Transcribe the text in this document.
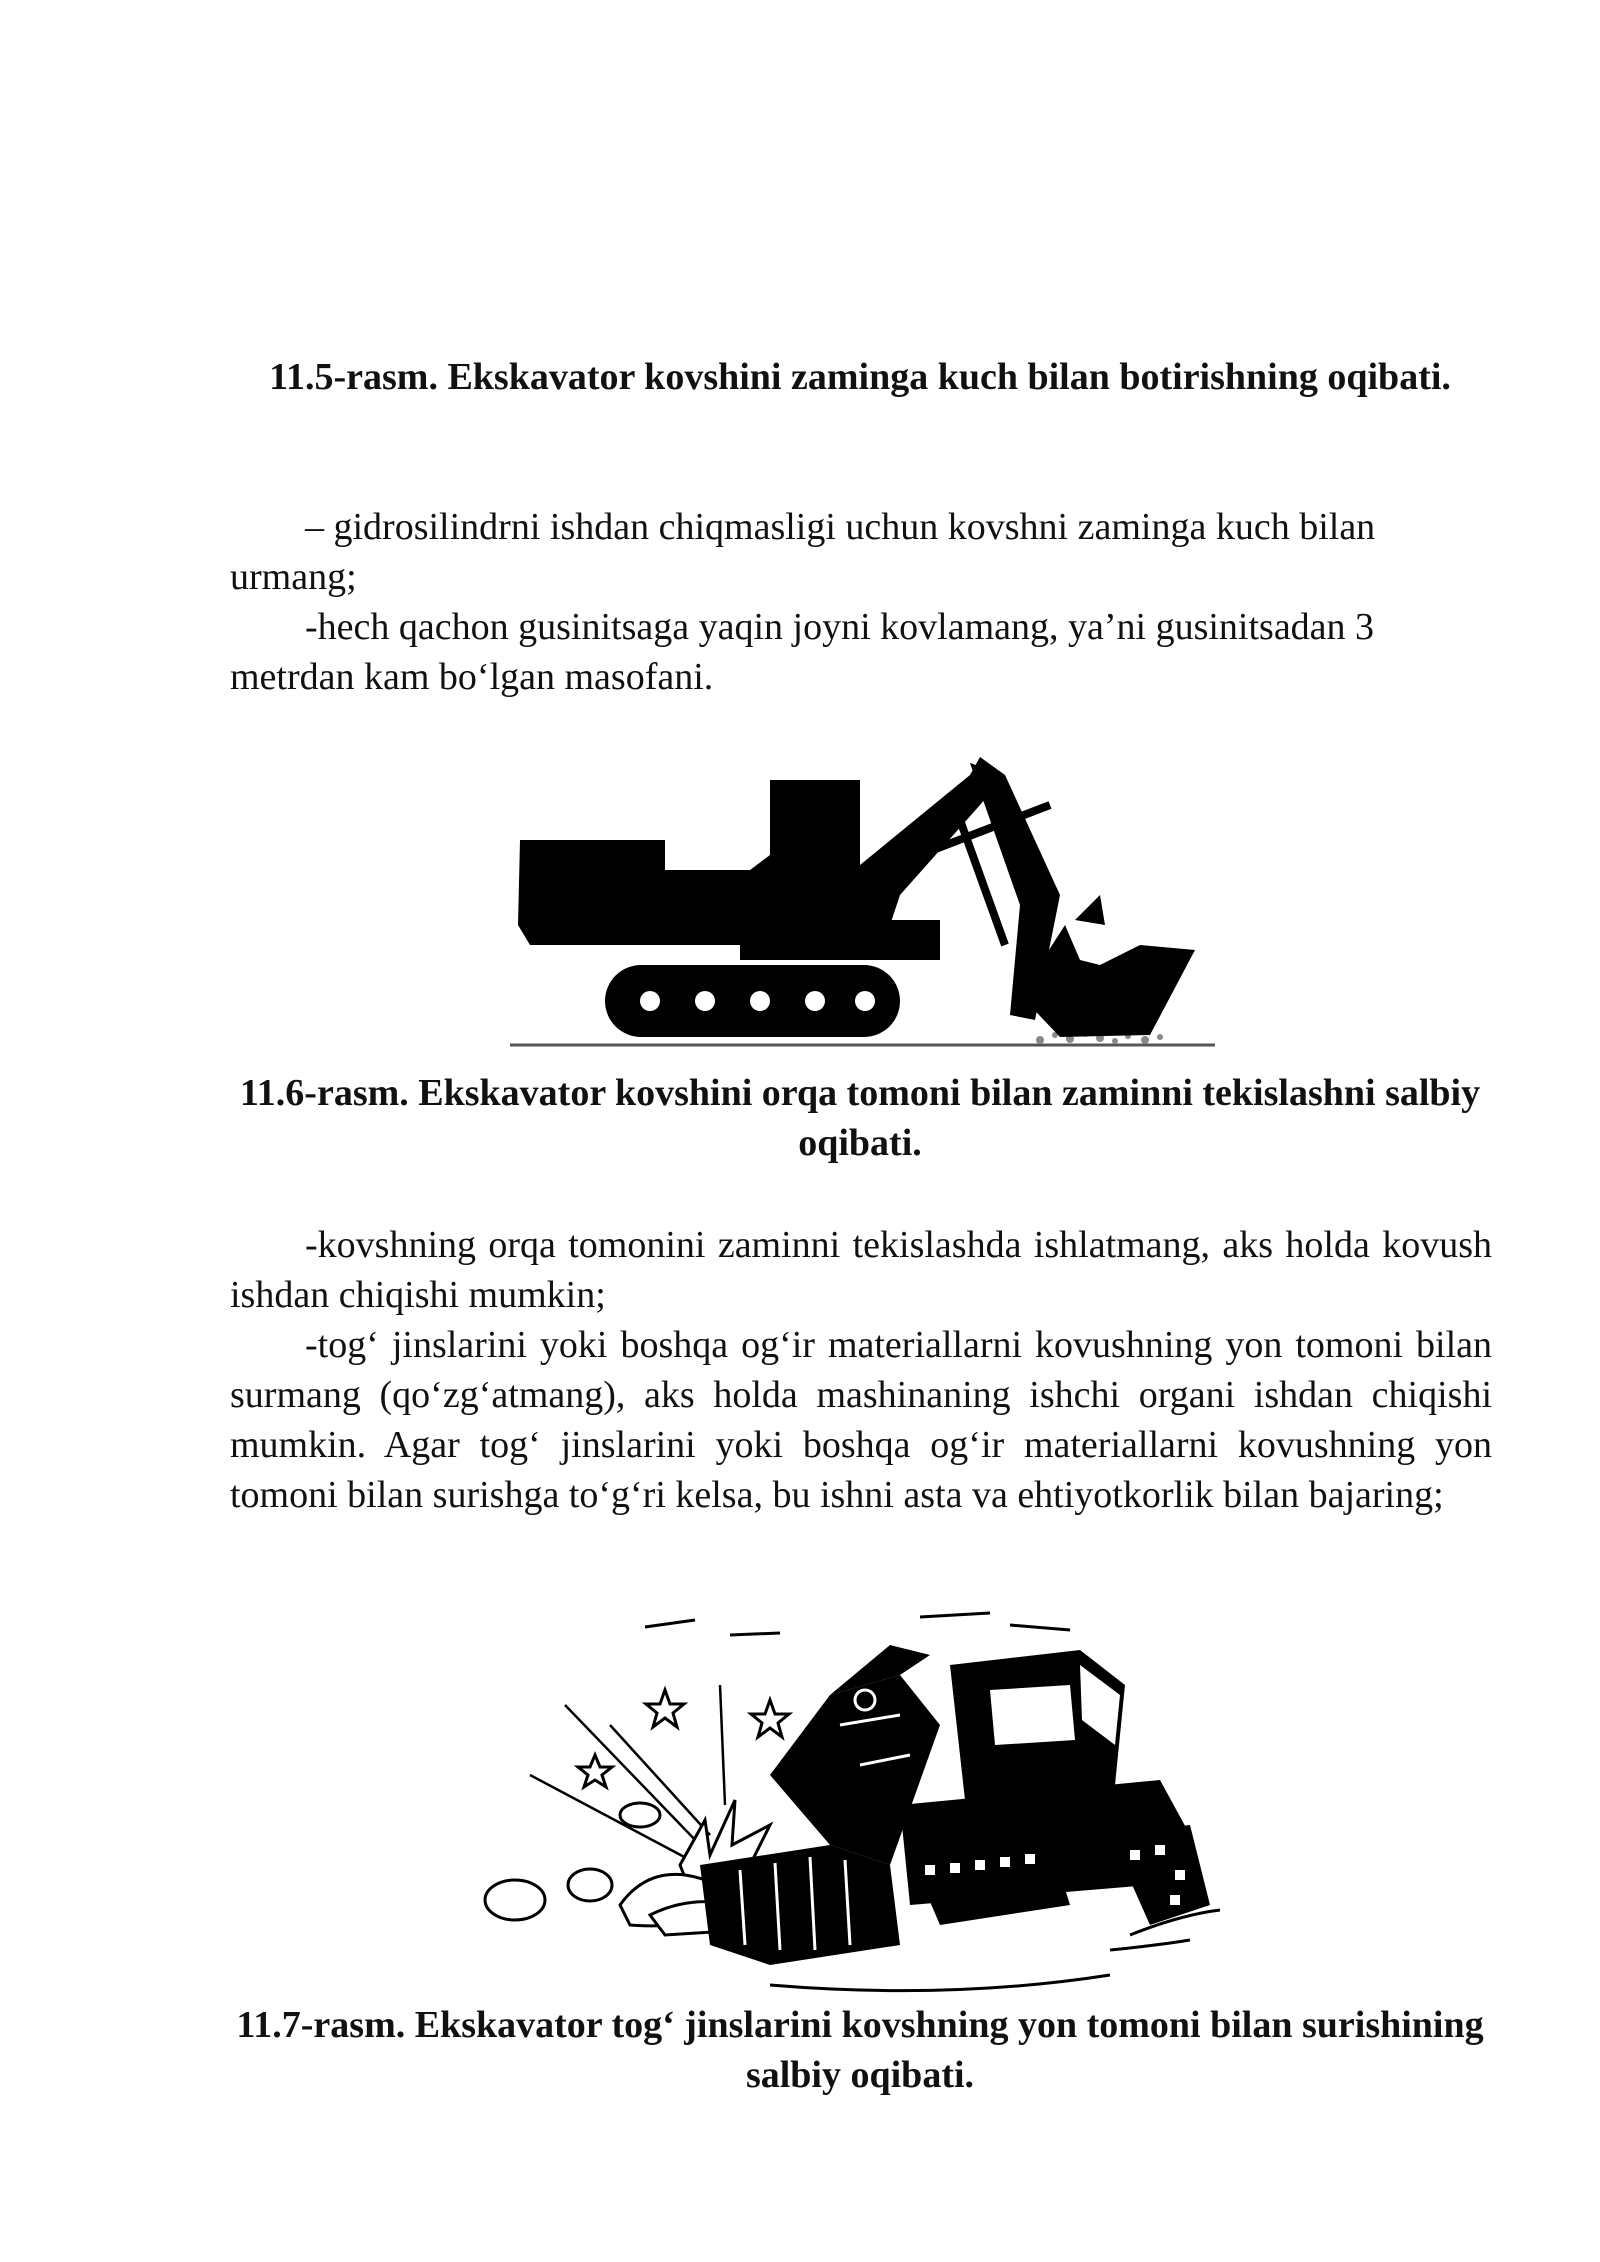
11.5-rasm. Ekskavator kovshini zaminga kuch bilan botirishning oqibati.

– gidrosilindrni ishdan chiqmasligi uchun kovshni zaminga kuch bilan urmang;

-hech qachon gusinitsaga yaqin joyni kovlamang, ya’ni gusinitsadan 3 metrdan kam bo‘lgan masofani.

11.6-rasm. Ekskavator kovshini orqa tomoni bilan zaminni tekislashni salbiy oqibati.

-kovshning orqa tomonini zaminni tekislashda ishlatmang, aks holda kovush ishdan chiqishi mumkin;

-tog‘ jinslarini yoki boshqa og‘ir materiallarni kovushning yon tomoni bilan surmang (qo‘zg‘atmang), aks holda mashinaning ishchi organi ishdan chiqishi mumkin. Agar tog‘ jinslarini yoki boshqa og‘ir materiallarni kovushning yon tomoni bilan surishga to‘g‘ri kelsa, bu ishni asta va ehtiyotkorlik bilan bajaring;

11.7-rasm. Ekskavator tog‘ jinslarini kovshning yon tomoni bilan surishining salbiy oqibati.
